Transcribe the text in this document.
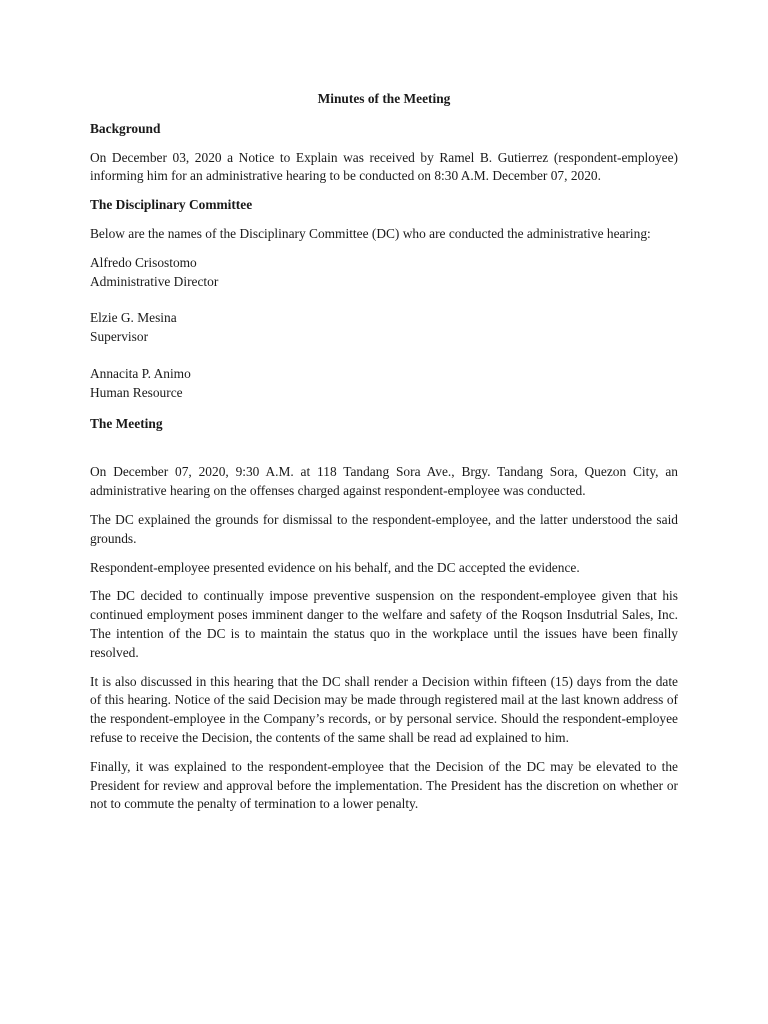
Minutes of the Meeting
Background
On December 03, 2020 a Notice to Explain was received by Ramel B. Gutierrez (respondent-employee) informing him for an administrative hearing to be conducted on 8:30 A.M. December 07, 2020.
The Disciplinary Committee
Below are the names of the Disciplinary Committee (DC) who are conducted the administrative hearing:
Alfredo Crisostomo
Administrative Director
Elzie G. Mesina
Supervisor
Annacita P. Animo
Human Resource
The Meeting
On December 07, 2020, 9:30 A.M. at 118 Tandang Sora Ave., Brgy. Tandang Sora, Quezon City, an administrative hearing on the offenses charged against respondent-employee was conducted.
The DC explained the grounds for dismissal to the respondent-employee, and the latter understood the said grounds.
Respondent-employee presented evidence on his behalf, and the DC accepted the evidence.
The DC decided to continually impose preventive suspension on the respondent-employee given that his continued employment poses imminent danger to the welfare and safety of the Roqson Insdutrial Sales, Inc. The intention of the DC is to maintain the status quo in the workplace until the issues have been finally resolved.
It is also discussed in this hearing that the DC shall render a Decision within fifteen (15) days from the date of this hearing. Notice of the said Decision may be made through registered mail at the last known address of the respondent-employee in the Company’s records, or by personal service. Should the respondent-employee refuse to receive the Decision, the contents of the same shall be read ad explained to him.
Finally, it was explained to the respondent-employee that the Decision of the DC may be elevated to the President for review and approval before the implementation. The President has the discretion on whether or not to commute the penalty of termination to a lower penalty.
